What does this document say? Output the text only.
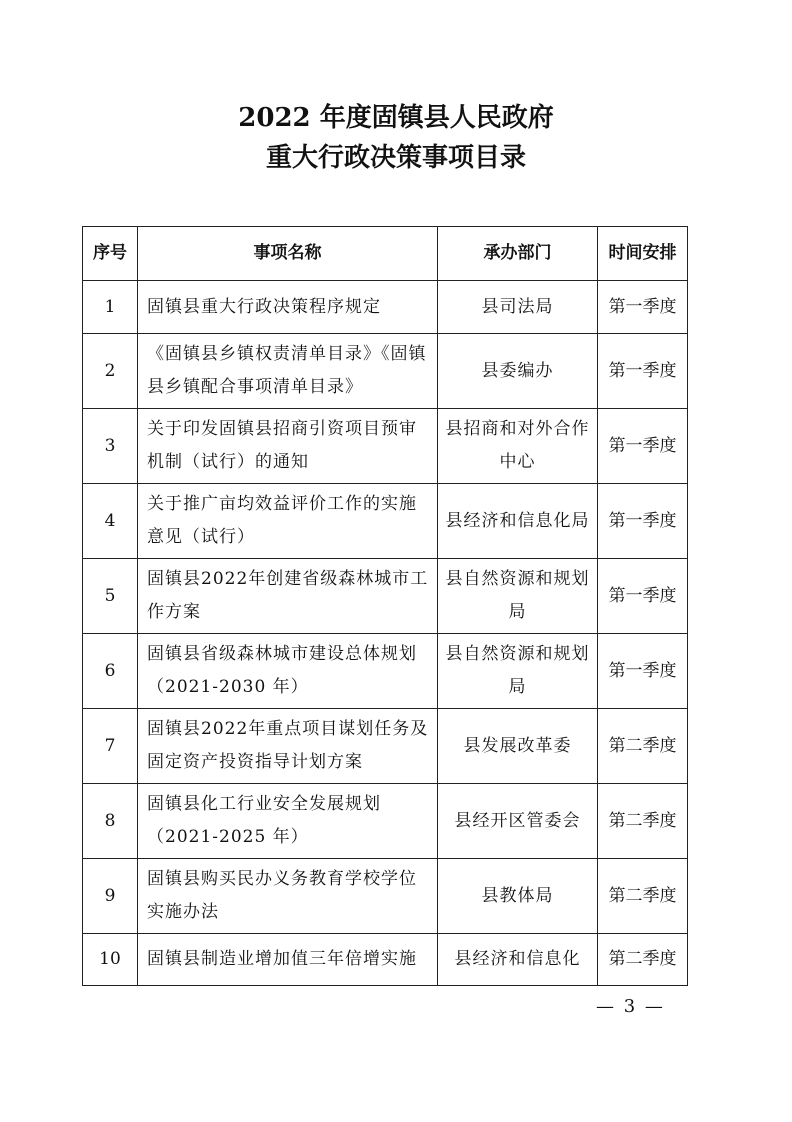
2022 年度固镇县人民政府
重大行政决策事项目录
序号	事项名称	承办部门	时间安排
1	固镇县重大行政决策程序规定	县司法局	第一季度
2	《固镇县乡镇权责清单目录》《固镇县乡镇配合事项清单目录》	县委编办	第一季度
3	关于印发固镇县招商引资项目预审机制（试行）的通知	县招商和对外合作中心	第一季度
4	关于推广亩均效益评价工作的实施意见（试行）	县经济和信息化局	第一季度
5	固镇县2022年创建省级森林城市工作方案	县自然资源和规划局	第一季度
6	固镇县省级森林城市建设总体规划（2021-2030 年）	县自然资源和规划局	第一季度
7	固镇县2022年重点项目谋划任务及固定资产投资指导计划方案	县发展改革委	第二季度
8	固镇县化工行业安全发展规划（2021-2025 年）	县经开区管委会	第二季度
9	固镇县购买民办义务教育学校学位实施办法	县教体局	第二季度
10	固镇县制造业增加值三年倍增实施	县经济和信息化	第二季度
— 3 —
